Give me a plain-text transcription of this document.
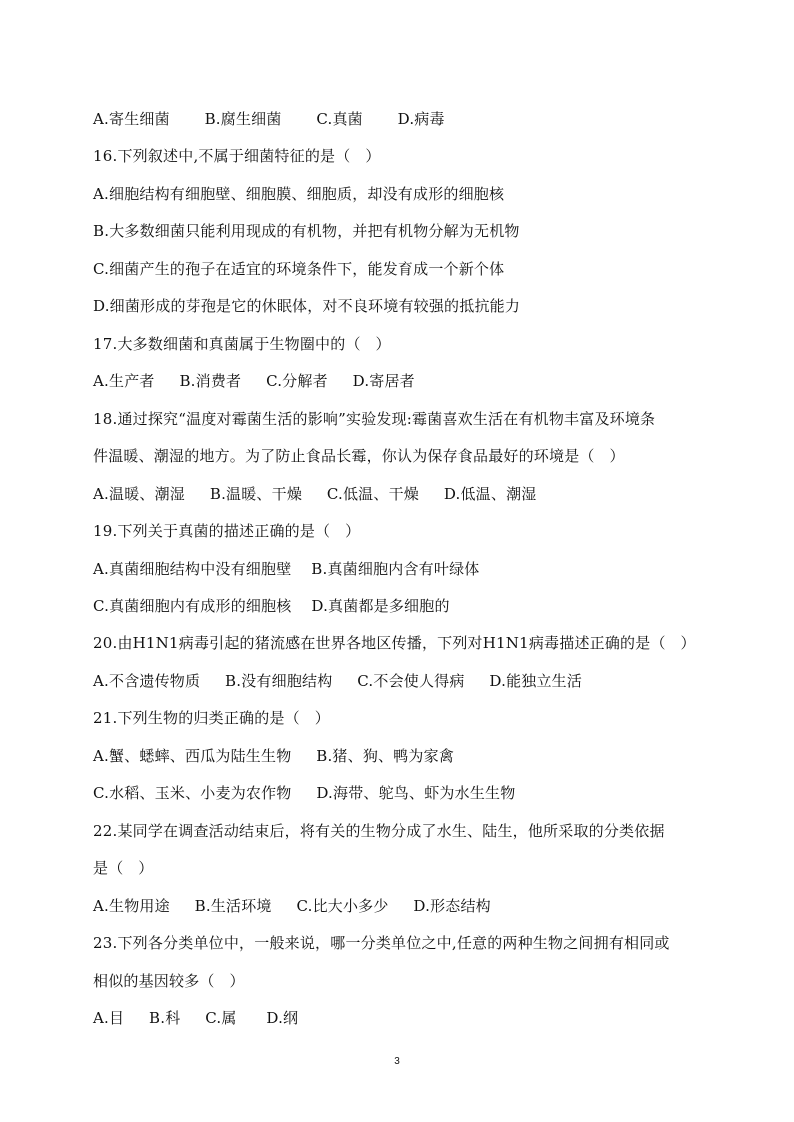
A.寄生细菌       B.腐生细菌       C.真菌       D.病毒
16.下列叙述中,不属于细菌特征的是（   ）
A.细胞结构有细胞壁、细胞膜、细胞质，却没有成形的细胞核
B.大多数细菌只能利用现成的有机物，并把有机物分解为无机物
C.细菌产生的孢子在适宜的环境条件下，能发育成一个新个体
D.细菌形成的芽孢是它的休眠体，对不良环境有较强的抵抗能力
17.大多数细菌和真菌属于生物圈中的（   ）
A.生产者     B.消费者     C.分解者     D.寄居者
18.通过探究“温度对霉菌生活的影响”实验发现:霉菌喜欢生活在有机物丰富及环境条
件温暖、潮湿的地方。为了防止食品长霉，你认为保存食品最好的环境是（   ）
A.温暖、潮湿     B.温暖、干燥     C.低温、干燥     D.低温、潮湿
19.下列关于真菌的描述正确的是（   ）
A.真菌细胞结构中没有细胞壁    B.真菌细胞内含有叶绿体
C.真菌细胞内有成形的细胞核    D.真菌都是多细胞的
20.由H1N1病毒引起的猪流感在世界各地区传播，下列对H1N1病毒描述正确的是（   ）
A.不含遗传物质     B.没有细胞结构     C.不会使人得病     D.能独立生活
21.下列生物的归类正确的是（   ）
A.蟹、蟋蟀、西瓜为陆生生物     B.猪、狗、鸭为家禽
C.水稻、玉米、小麦为农作物     D.海带、鸵鸟、虾为水生生物
22.某同学在调查活动结束后，将有关的生物分成了水生、陆生，他所采取的分类依据
是（   ）
A.生物用途     B.生活环境     C.比大小多少     D.形态结构
23.下列各分类单位中，一般来说，哪一分类单位之中,任意的两种生物之间拥有相同或
相似的基因较多（   ）
A.目     B.科     C.属      D.纲
3
